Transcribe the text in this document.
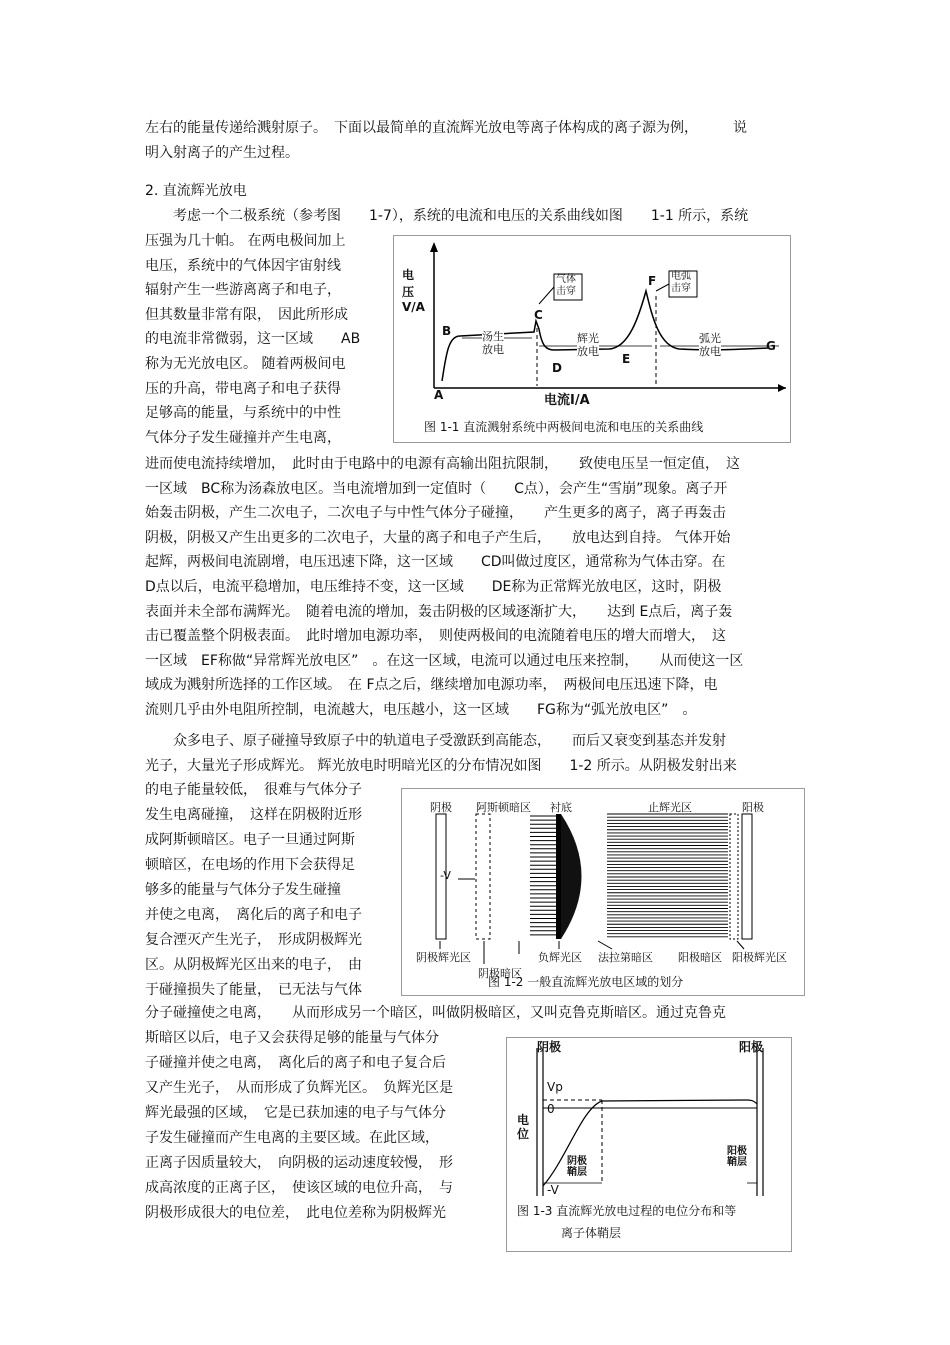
左右的能量传递给溅射原子。　下面以最简单的直流辉光放电等离子体构成的离子源为例，　　　说
明入射离子的产生过程。
2. 直流辉光放电
　　考虑一个二极系统（参考图　　1-7），系统的电流和电压的关系曲线如图　　1-1 所示，系统
压强为几十帕。 在两电极间加上
电压，系统中的气体因宇宙射线
辐射产生一些游离离子和电子，
但其数量非常有限，　因此所形成
的电流非常微弱，这一区域　　AB
称为无光放电区。 随着两极间电
压的升高，带电离子和电子获得
足够高的能量，与系统中的中性
气体分子发生碰撞并产生电离，
进而使电流持续增加，　此时由于电路中的电源有高输出阻抗限制，　　致使电压呈一恒定值，　这
一区域　BC称为汤森放电区。当电流增加到一定值时（　　C点），会产生“雪崩”现象。离子开
始轰击阴极，产生二次电子，二次电子与中性气体分子碰撞，　　产生更多的离子，离子再轰击
阴极，阴极又产生出更多的二次电子，大量的离子和电子产生后，　　放电达到自持。 气体开始
起辉，两极间电流剧增，电压迅速下降，这一区域　　CD叫做过度区，通常称为气体击穿。在
D点以后，电流平稳增加，电压维持不变，这一区域　　DE称为正常辉光放电区，这时，阴极
表面并未全部布满辉光。　随着电流的增加，轰击阴极的区域逐渐扩大，　　达到 E点后，离子轰
击已覆盖整个阴极表面。　此时增加电源功率，　则使两极间的电流随着电压的增大而增大，　这
一区域　EF称做“异常辉光放电区”　。在这一区域，电流可以通过电压来控制，　　从而使这一区
域成为溅射所选择的工作区域。　在 F点之后，继续增加电源功率，　两极间电压迅速下降，电
流则几乎由外电阻所控制，电流越大，电压越小，这一区域　　FG称为“弧光放电区”　。
　　众多电子、原子碰撞导致原子中的轨道电子受激跃到高能态，　　而后又衰变到基态并发射
光子，大量光子形成辉光。 辉光放电时明暗光区的分布情况如图　　1-2 所示。从阴极发射出来
的电子能量较低，　很难与气体分子
发生电离碰撞，　这样在阴极附近形
成阿斯顿暗区。电子一旦通过阿斯
顿暗区，在电场的作用下会获得足
够多的能量与气体分子发生碰撞
并使之电离，　离化后的离子和电子
复合湮灭产生光子，　形成阴极辉光
区。从阴极辉光区出来的电子，　由
于碰撞损失了能量，　已无法与气体
分子碰撞使之电离，　　从而形成另一个暗区，叫做阴极暗区，又叫克鲁克斯暗区。通过克鲁克
斯暗区以后，电子又会获得足够的能量与气体分
子碰撞并使之电离，　离化后的离子和电子复合后
又产生光子，　从而形成了负辉光区。　负辉光区是
辉光最强的区域，　它是已获加速的电子与气体分
子发生碰撞而产生电离的主要区域。在此区域，
正离子因质量较大，　向阴极的运动速度较慢，　形
成高浓度的正离子区，　使该区域的电位升高，　与
阴极形成很大的电位差，　此电位差称为阴极辉光
电压
V/A
电流I/A
气体
击穿
电弧
击穿
汤生
放电
辉光
放电
弧光
放电
A
B
C
D
E
F
G
图 1-1 直流溅射系统中两极间电流和电压的关系曲线
阴极 阿斯顿暗区 衬底	止辉光区	阳极
-V
阴极辉光区
阴极暗区
负辉光区 法拉第暗区 阳极暗区 阳极辉光区
图 1-2 一般直流辉光放电区域的划分
阴极	阳极
电
位
Vp
0
-V
阴极
鞘层
阳极
鞘层
图 1-3 直流辉光放电过程的电位分布和等
离子体鞘层
